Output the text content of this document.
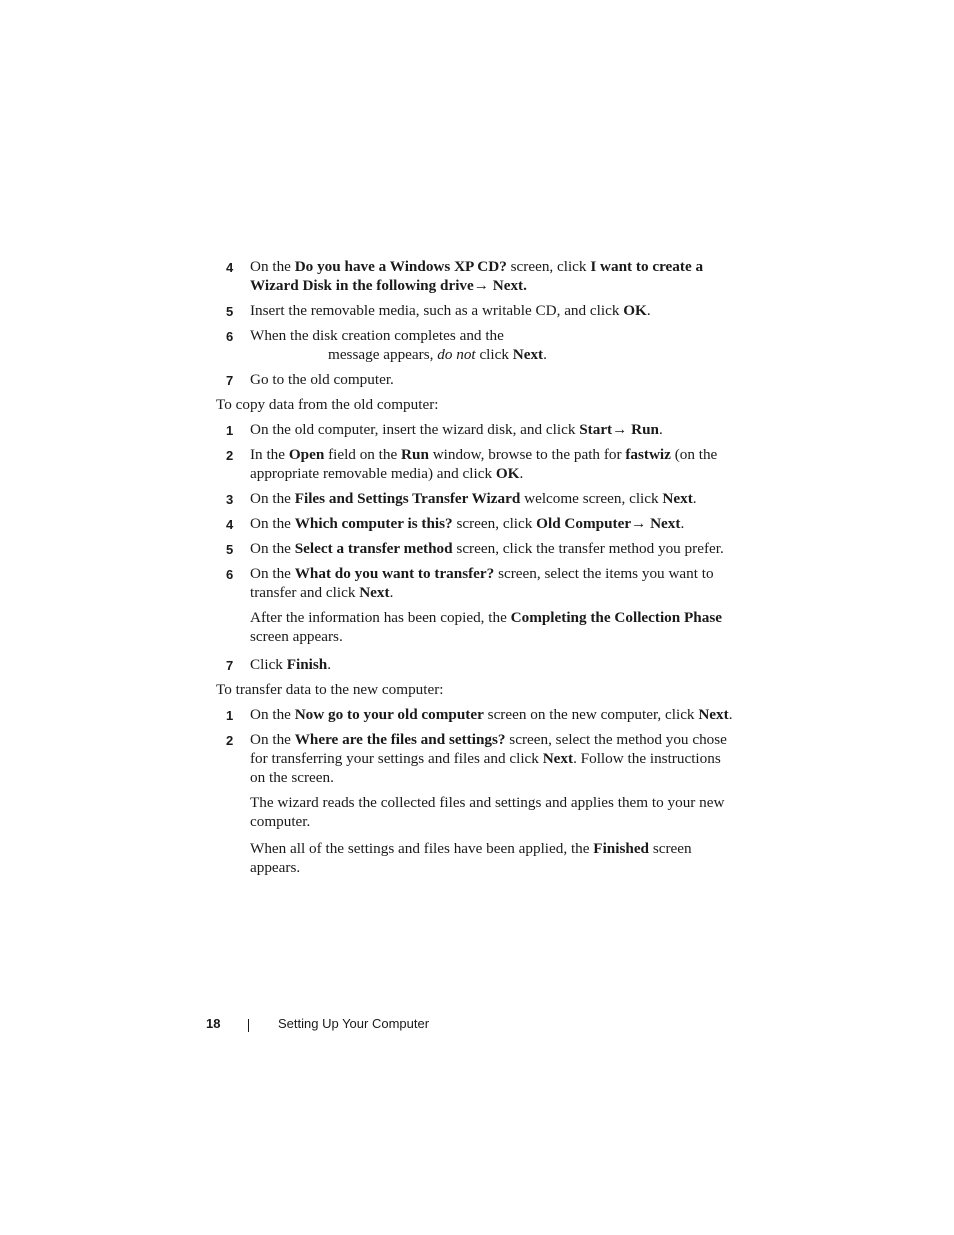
4 On the Do you have a Windows XP CD? screen, click I want to create a Wizard Disk in the following drive→ Next.
5 Insert the removable media, such as a writable CD, and click OK.
6 When the disk creation completes and the
message appears, do not click Next.
7 Go to the old computer.

To copy data from the old computer:

1 On the old computer, insert the wizard disk, and click Start→ Run.
2 In the Open field on the Run window, browse to the path for fastwiz (on the appropriate removable media) and click OK.
3 On the Files and Settings Transfer Wizard welcome screen, click Next.
4 On the Which computer is this? screen, click Old Computer→ Next.
5 On the Select a transfer method screen, click the transfer method you prefer.
6 On the What do you want to transfer? screen, select the items you want to transfer and click Next.
After the information has been copied, the Completing the Collection Phase screen appears.
7 Click Finish.

To transfer data to the new computer:

1 On the Now go to your old computer screen on the new computer, click Next.
2 On the Where are the files and settings? screen, select the method you chose for transferring your settings and files and click Next. Follow the instructions on the screen.
The wizard reads the collected files and settings and applies them to your new computer.
When all of the settings and files have been applied, the Finished screen appears.
18	Setting Up Your Computer
